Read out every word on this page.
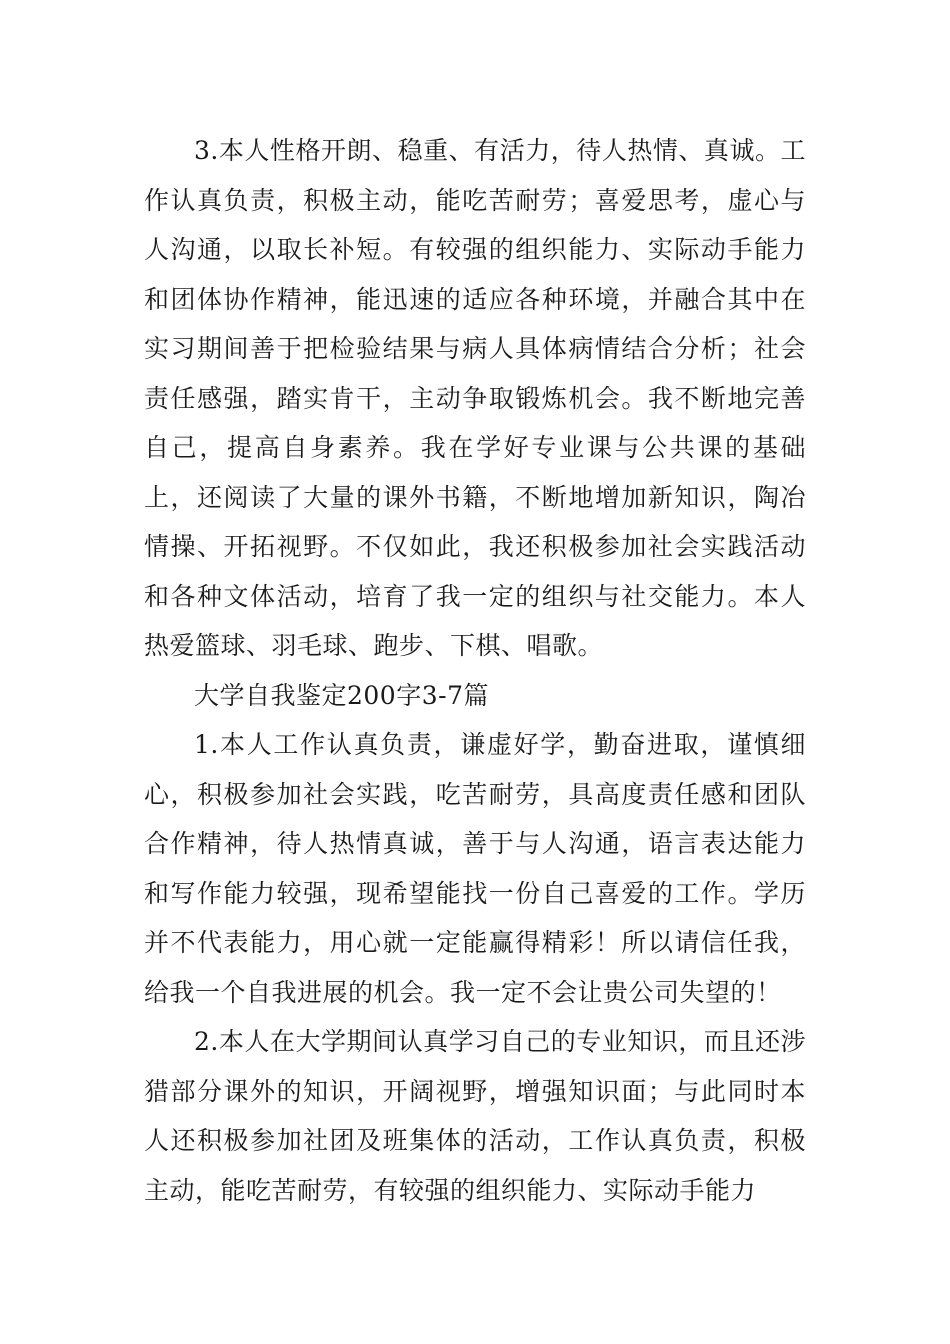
3.本人性格开朗、稳重、有活力，待人热情、真诚。工作认真负责，积极主动，能吃苦耐劳；喜爱思考，虚心与人沟通，以取长补短。有较强的组织能力、实际动手能力和团体协作精神，能迅速的适应各种环境，并融合其中在实习期间善于把检验结果与病人具体病情结合分析；社会责任感强，踏实肯干，主动争取锻炼机会。我不断地完善自己，提高自身素养。我在学好专业课与公共课的基础上，还阅读了大量的课外书籍，不断地增加新知识，陶冶情操、开拓视野。不仅如此，我还积极参加社会实践活动和各种文体活动，培育了我一定的组织与社交能力。本人热爱篮球、羽毛球、跑步、下棋、唱歌。

大学自我鉴定200字3-7篇

1.本人工作认真负责，谦虚好学，勤奋进取，谨慎细心，积极参加社会实践，吃苦耐劳，具高度责任感和团队合作精神，待人热情真诚，善于与人沟通，语言表达能力和写作能力较强，现希望能找一份自己喜爱的工作。学历并不代表能力，用心就一定能赢得精彩！所以请信任我，给我一个自我进展的机会。我一定不会让贵公司失望的！

2.本人在大学期间认真学习自己的专业知识，而且还涉猎部分课外的知识，开阔视野，增强知识面；与此同时本人还积极参加社团及班集体的活动，工作认真负责，积极主动，能吃苦耐劳，有较强的组织能力、实际动手能力
